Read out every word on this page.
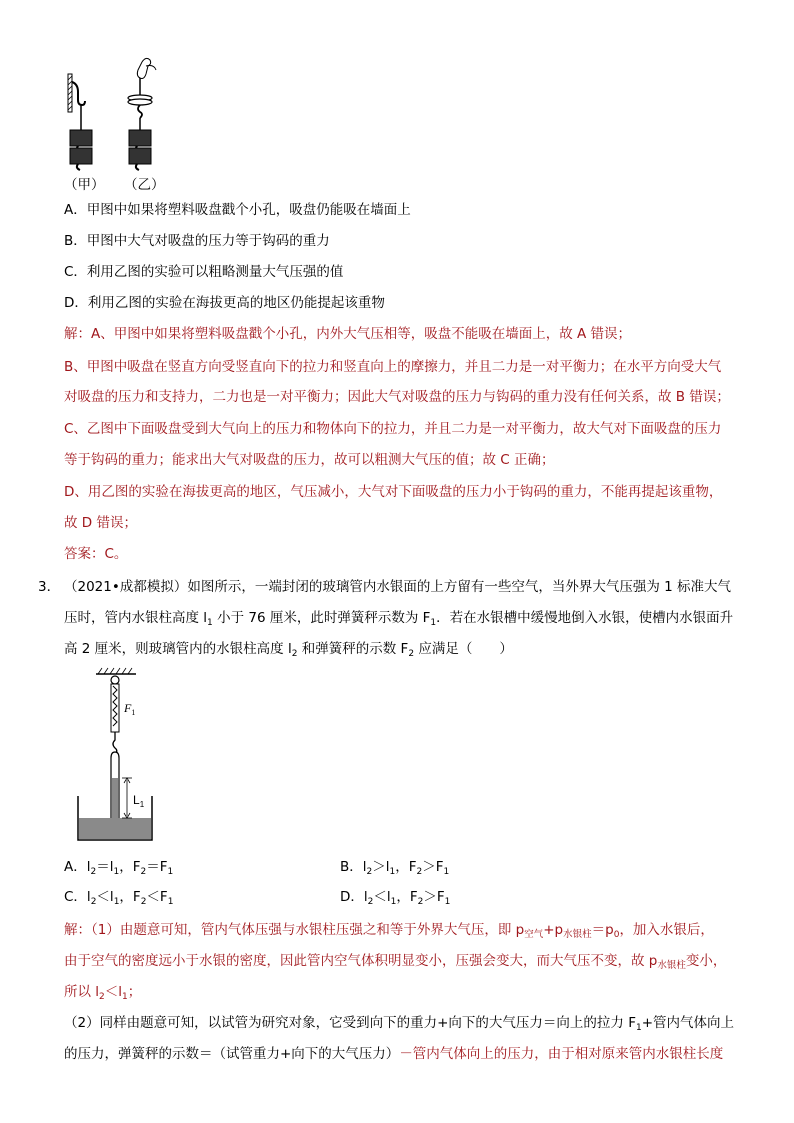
（甲） （乙）
A．甲图中如果将塑料吸盘戳个小孔，吸盘仍能吸在墙面上
B．甲图中大气对吸盘的压力等于钩码的重力
C．利用乙图的实验可以粗略测量大气压强的值
D．利用乙图的实验在海拔更高的地区仍能提起该重物
解：A、甲图中如果将塑料吸盘戳个小孔，内外大气压相等，吸盘不能吸在墙面上，故 A 错误；
B、甲图中吸盘在竖直方向受竖直向下的拉力和竖直向上的摩擦力，并且二力是一对平衡力；在水平方向受大气
对吸盘的压力和支持力，二力也是一对平衡力；因此大气对吸盘的压力与钩码的重力没有任何关系，故 B 错误；
C、乙图中下面吸盘受到大气向上的压力和物体向下的拉力，并且二力是一对平衡力，故大气对下面吸盘的压力
等于钩码的重力；能求出大气对吸盘的压力，故可以粗测大气压的值；故 C 正确；
D、用乙图的实验在海拔更高的地区，气压减小，大气对下面吸盘的压力小于钩码的重力，不能再提起该重物，
故 D 错误；
答案：C。
3． （2021•成都模拟）如图所示，一端封闭的玻璃管内水银面的上方留有一些空气，当外界大气压强为 1 标准大气
压时，管内水银柱高度 $l_1$ 小于 76 厘米，此时弹簧秤示数为 $F_1$．若在水银槽中缓慢地倒入水银，使槽内水银面升
高 2 厘米，则玻璃管内的水银柱高度 $l_2$ 和弹簧秤的示数 $F_2$ 应满足（　　）
$F_1$
$L_1$
A．$l_2=l_1$，$F_2=F_1$	B．$l_2>l_1$，$F_2>F_1$
C．$l_2<l_1$，$F_2<F_1$	D．$l_2<l_1$，$F_2>F_1$
解：（1）由题意可知，管内气体压强与水银柱压强之和等于外界大气压，即 $p_{空气}+p_{水银柱}=p_0$，加入水银后，
由于空气的密度远小于水银的密度，因此管内空气体积明显变小，压强会变大，而大气压不变，故 $p_{水银柱}$变小，
所以 $l_2<l_1$；
（2）同样由题意可知，以试管为研究对象，它受到向下的重力+向下的大气压力＝向上的拉力 $F_1+$管内气体向上
的压力，弹簧秤的示数＝（试管重力+向下的大气压力）－管内气体向上的压力，由于相对原来管内水银柱长度
